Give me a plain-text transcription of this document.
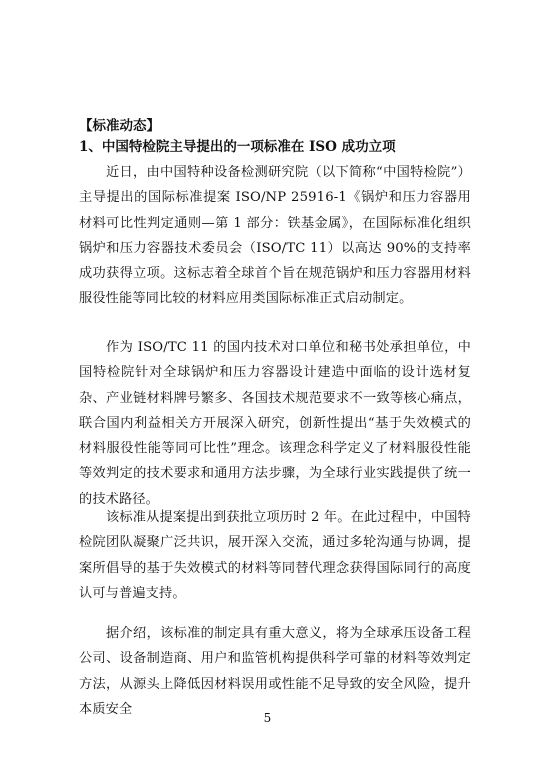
【标准动态】
1、中国特检院主导提出的一项标准在 ISO 成功立项

近日，由中国特种设备检测研究院（以下简称“中国特检院”）主导提出的国际标准提案 ISO/NP 25916-1《锅炉和压力容器用材料可比性判定通则—第 1 部分：铁基金属》，在国际标准化组织锅炉和压力容器技术委员会（ISO/TC 11）以高达 90%的支持率成功获得立项。这标志着全球首个旨在规范锅炉和压力容器用材料服役性能等同比较的材料应用类国际标准正式启动制定。

作为 ISO/TC 11 的国内技术对口单位和秘书处承担单位，中国特检院针对全球锅炉和压力容器设计建造中面临的设计选材复杂、产业链材料牌号繁多、各国技术规范要求不一致等核心痛点，联合国内利益相关方开展深入研究，创新性提出“基于失效模式的材料服役性能等同可比性”理念。该理念科学定义了材料服役性能等效判定的技术要求和通用方法步骤，为全球行业实践提供了统一的技术路径。

该标准从提案提出到获批立项历时 2 年。在此过程中，中国特检院团队凝聚广泛共识，展开深入交流，通过多轮沟通与协调，提案所倡导的基于失效模式的材料等同替代理念获得国际同行的高度认可与普遍支持。

据介绍，该标准的制定具有重大意义，将为全球承压设备工程公司、设备制造商、用户和监管机构提供科学可靠的材料等效判定方法，从源头上降低因材料误用或性能不足导致的安全风险，提升本质安全

5
